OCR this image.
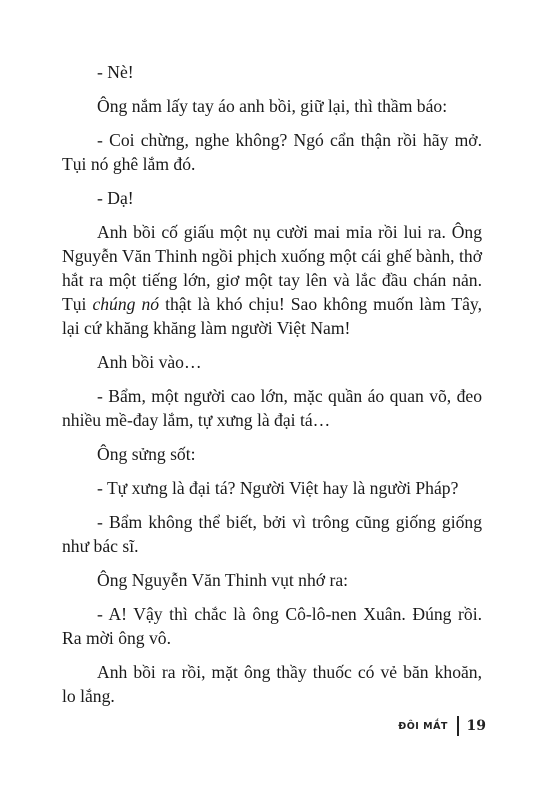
- Nè!

Ông nắm lấy tay áo anh bồi, giữ lại, thì thầm báo:

- Coi chừng, nghe không? Ngó cẩn thận rồi hãy mở. Tụi nó ghê lắm đó.

- Dạ!

Anh bồi cố giấu một nụ cười mai mỉa rồi lui ra. Ông Nguyễn Văn Thinh ngồi phịch xuống một cái ghế bành, thở hắt ra một tiếng lớn, giơ một tay lên và lắc đầu chán nản. Tụi chúng nó thật là khó chịu! Sao không muốn làm Tây, lại cứ khăng khăng làm người Việt Nam!

Anh bồi vào…

- Bẩm, một người cao lớn, mặc quần áo quan võ, đeo nhiều mề-đay lắm, tự xưng là đại tá…

Ông sửng sốt:

- Tự xưng là đại tá? Người Việt hay là người Pháp?

- Bẩm không thể biết, bởi vì trông cũng giống giống như bác sĩ.

Ông Nguyễn Văn Thinh vụt nhớ ra:

- A! Vậy thì chắc là ông Cô-lô-nen Xuân. Đúng rồi. Ra mời ông vô.

Anh bồi ra rồi, mặt ông thầy thuốc có vẻ băn khoăn, lo lắng.

ĐÔI MẮT 19
